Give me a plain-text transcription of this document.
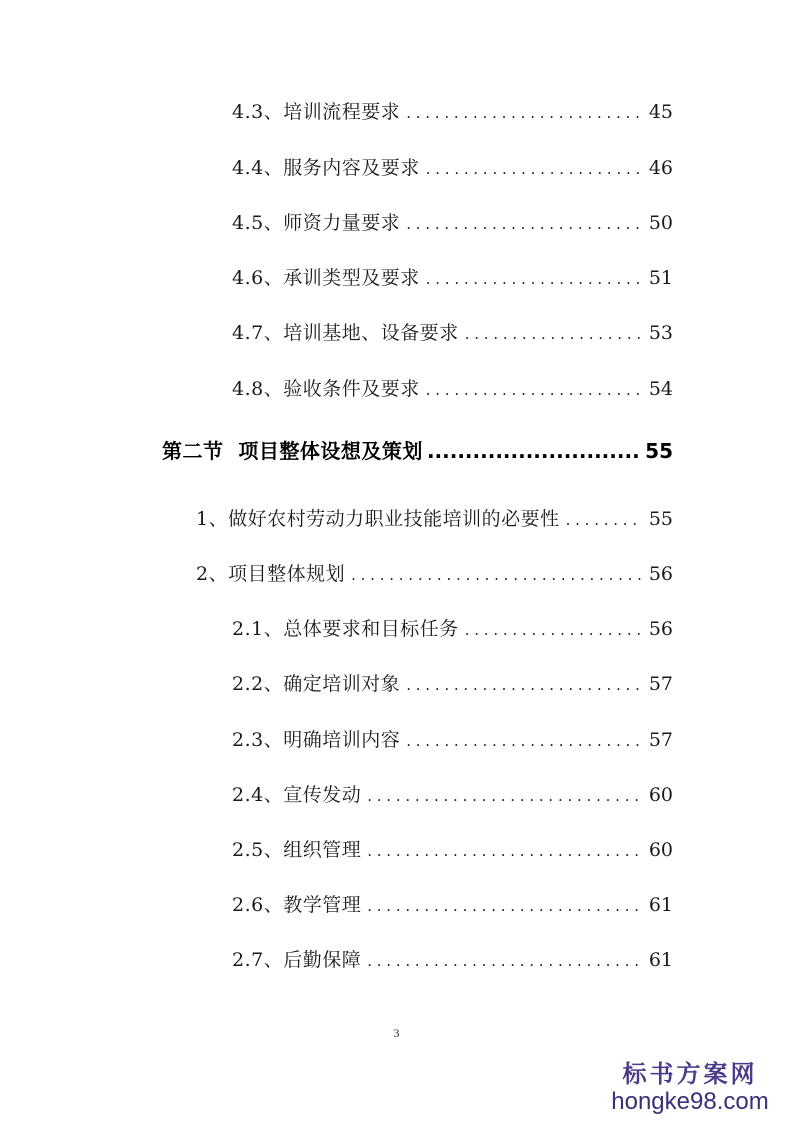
4.3、培训流程要求 . . .	45
4.4、服务内容及要求 . . .	46
4.5、师资力量要求 . . .	50
4.6、承训类型及要求 . . .	51
4.7、培训基地、设备要求 . . .	53
4.8、验收条件及要求 . . .	54
第二节  项目整体设想及策划 .....	55
1、做好农村劳动力职业技能培训的必要性 . . .	55
2、项目整体规划 . . .	56
2.1、总体要求和目标任务 . . .	56
2.2、确定培训对象 . . .	57
2.3、明确培训内容 . . .	57
2.4、宣传发动 . . .	60
2.5、组织管理 . . .	60
2.6、教学管理 . . .	61
2.7、后勤保障 . . .	61
3
标书方案网
hongke98.com
